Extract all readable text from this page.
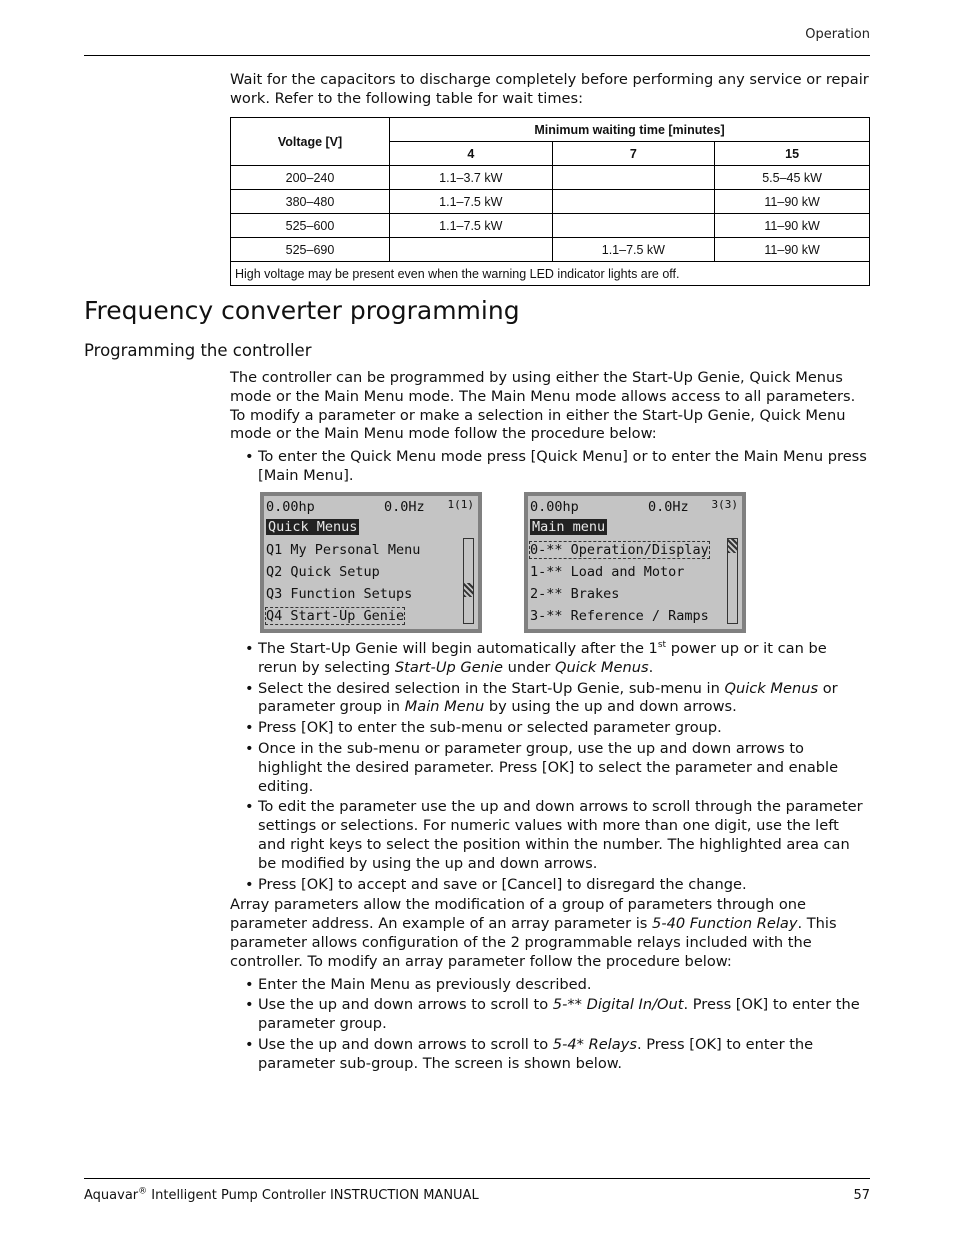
Operation

Wait for the capacitors to discharge completely before performing any service or repair work. Refer to the following table for wait times:

Voltage [V]	Minimum waiting time [minutes]		
	4	7	15
200–240	1.1–3.7 kW		5.5–45 kW
380–480	1.1–7.5 kW		11–90 kW
525–600	1.1–7.5 kW		11–90 kW
525–690		1.1–7.5 kW	11–90 kW
High voltage may be present even when the warning LED indicator lights are off.			
Frequency converter programming
Programming the controller

The controller can be programmed by using either the Start-Up Genie, Quick Menus mode or the Main Menu mode. The Main Menu mode allows access to all parameters. To modify a parameter or make a selection in either the Start-Up Genie, Quick Menu mode or the Main Menu mode follow the procedure below:

• To enter the Quick Menu mode press [Quick Menu] or to enter the Main Menu press [Main Menu].
0.00hp	0.0Hz 1(1)
Quick Menus
Q1 My Personal Menu
Q2 Quick Setup
Q3 Function Setups
Q4 Start-Up Genie
0.00hp	0.0Hz 3(3)
Main menu
0-** Operation/Display
1-** Load and Motor
2-** Brakes
3-** Reference / Ramps
• The Start-Up Genie will begin automatically after the 1st power up or it can be rerun by selecting Start-Up Genie under Quick Menus.
• Select the desired selection in the Start-Up Genie, sub-menu in Quick Menus or parameter group in Main Menu by using the up and down arrows.
• Press [OK] to enter the sub-menu or selected parameter group.
• Once in the sub-menu or parameter group, use the up and down arrows to highlight the desired parameter. Press [OK] to select the parameter and enable editing.
• To edit the parameter use the up and down arrows to scroll through the parameter settings or selections. For numeric values with more than one digit, use the left and right keys to select the position within the number. The highlighted area can be modified by using the up and down arrows.
• Press [OK] to accept and save or [Cancel] to disregard the change.

Array parameters allow the modification of a group of parameters through one parameter address. An example of an array parameter is 5-40 Function Relay. This parameter allows configuration of the 2 programmable relays included with the controller. To modify an array parameter follow the procedure below:

• Enter the Main Menu as previously described.
• Use the up and down arrows to scroll to 5-** Digital In/Out. Press [OK] to enter the parameter group.
• Use the up and down arrows to scroll to 5-4* Relays. Press [OK] to enter the parameter sub-group. The screen is shown below.
Aquavar® Intelligent Pump Controller INSTRUCTION MANUAL	57
